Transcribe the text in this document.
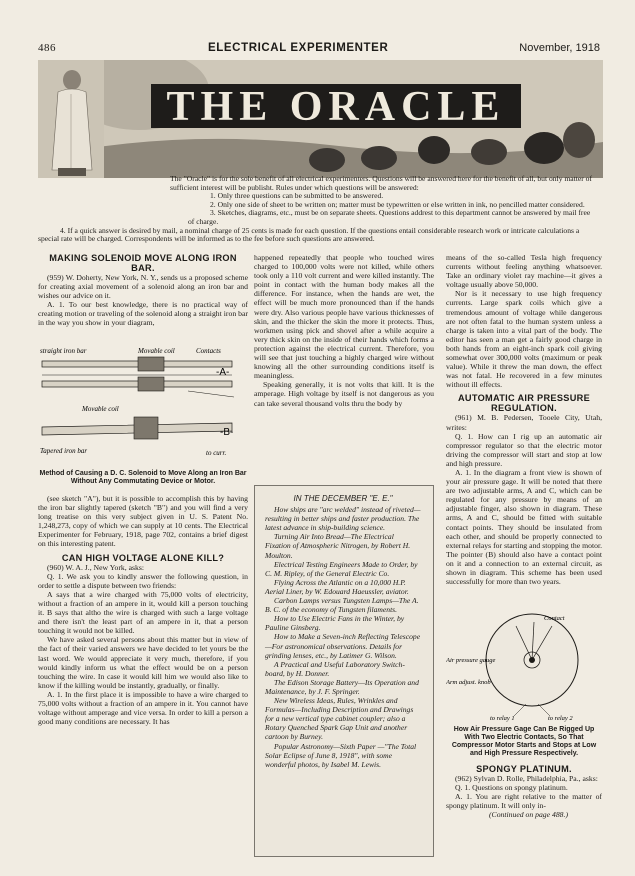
486	ELECTRICAL EXPERIMENTER	November, 1918
THE ORACLE

The "Oracle" is for the sole benefit of all electrical experimenters. Questions will be answered here for the benefit of all, but only matter of sufficient interest will be publisht. Rules under which questions will be answered:

1. Only three questions can be submitted to be answered.

2. Only one side of sheet to be written on; matter must be typewritten or else written in ink, no pencilled matter considered.

3. Sketches, diagrams, etc., must be on separate sheets. Questions addrest to this department cannot be answered by mail free of charge.

4. If a quick answer is desired by mail, a nominal charge of 25 cents is made for each question. If the questions entail considerable research work or intricate calculations a special rate will be charged. Correspondents will be informed as to the fee before such questions are answered.

MAKING SOLENOID MOVE ALONG IRON BAR.

(959) W. Doherty, New York, N. Y., sends us a proposed scheme for creating axial movement of a solenoid along an iron bar and wishes our advice on it.

A. 1. To our best knowledge, there is no practical way of creating motion or traveling of the solenoid along a straight iron bar in the way you show in your diagram,

straight iron bar	Movable coil	Contacts
-A-
Movable coil
-B-
Tapered iron bar	to curr.
Method of Causing a D. C. Solenoid to Move Along an Iron Bar Without Any Commutating Device or Motor.

(see sketch "A"), but it is possible to accomplish this by having the iron bar slightly tapered (sketch "B") and you will find a very long treatise on this very subject given in U. S. Patent No. 1,248,273, copy of which we can supply at 10 cents. The Electrical Experimenter for February, 1918, page 702, contains a brief digest on this interesting patent.

CAN HIGH VOLTAGE ALONE KILL?

(960) W. A. J., New York, asks:

Q. 1. We ask you to kindly answer the following question, in order to settle a dispute between two friends:

A says that a wire charged with 75,000 volts of electricity, without a fraction of an ampere in it, would kill a person touching it. B says that altho the wire is charged with such a large voltage and there isn't the least part of an ampere in it, that a person touching it would not be killed.

We have asked several persons about this matter but in view of the fact of their varied answers we have decided to let yours be the last word. We would appreciate it very much, therefore, if you would kindly inform us what the effect would be on a person touching the wire. In case it would kill him we would also like to know if the killing would be instantly, gradually, or finally.

A. 1. In the first place it is impossible to have a wire charged to 75,000 volts without a fraction of an ampere in it. You cannot have voltage without amperage and vice versa. In order to kill a person a good many conditions are necessary. It has

happened repeatedly that people who touched wires charged to 100,000 volts were not killed, while others took only a 110 volt current and were killed instantly. The point in contact with the human body makes all the difference. For instance, when the hands are wet, the effect will be much more pronounced than if the hands were dry. Also various people have various thicknesses of skin, and the thicker the skin the more it protects. Thus, workmen using pick and shovel after a while acquire a very thick skin on the inside of their hands which forms a protection against the electrical current. Therefore, you will see that just touching a highly charged wire without knowing all the other surrounding conditions itself is meaningless.

Speaking generally, it is not volts that kill. It is the amperage. High voltage by itself is not dangerous as you can take several thousand volts thru the body by

IN THE DECEMBER "E. E."

How ships are "arc welded" instead of riveted—resulting in better ships and faster production. The latest advance in ship-building science.

Turning Air Into Bread—The Electrical Fixation of Atmospheric Nitrogen, by Robert H. Moulton.

Electrical Testing Engineers Made to Order, by C. M. Ripley, of the General Electric Co.

Flying Across the Atlantic on a 10,000 H.P. Aerial Liner, by W. Edouard Haeussler, aviator.

Carbon Lamps versus Tungsten Lamps—The A. B. C. of the economy of Tungsten filaments.

How to Use Electric Fans in the Winter, by Pauline Ginsberg.

How to Make a Seven-inch Reflecting Telescope—For astronomical observations. Details for grinding lenses, etc., by Latimer G. Wilson.

A Practical and Useful Laboratory Switch-board, by H. Donner.

The Edison Storage Battery—Its Operation and Maintenance, by J. F. Springer.

New Wireless Ideas, Rules, Wrinkles and Formulas—Including Description and Drawings for a new vertical type cabinet coupler; also a Rotary Quenched Spark Gap Unit and another cartoon by Burney.

Popular Astronomy—Sixth Paper —"The Total Solar Eclipse of June 8, 1918", with some wonderful photos, by Isabel M. Lewis.

means of the so-called Tesla high frequency currents without feeling anything whatsoever. Take an ordinary violet ray machine—it gives a voltage usually above 50,000.

Nor is it necessary to use high frequency currents. Large spark coils which give a tremendous amount of voltage while dangerous are not often fatal to the human system unless a charge is taken into a vital part of the body. The editor has seen a man get a fairly good charge in both hands from an eight-inch spark coil giving somewhat over 300,000 volts (maximum or peak value). While it threw the man down, the effect was not fatal. He recovered in a few minutes without ill effects.

AUTOMATIC AIR PRESSURE REGULATION.

(961) M. B. Pedersen, Tooele City, Utah, writes:

Q. 1. How can I rig up an automatic air compressor regulator so that the electric motor driving the compressor will start and stop at low and high pressure.

A. 1. In the diagram a front view is shown of your air pressure gage. It will be noted that there are two adjustable arms, A and C, which can be regulated for any pressure by means of an adjustable finger, also shown in diagram. These arms, A and C, should be fitted with suitable contact points. They should be insulated from each other, and should be properly connected to external relays for starting and stopping the motor. The pointer (B) should also have a contact point on it and a connection to an external circuit, as shown in diagram. This scheme has been used successfully for more than two years.

Contact
Air pressure gauge
Arm adjust. knob
to relay 1	to relay 2
How Air Pressure Gage Can Be Rigged Up With Two Electric Contacts, So That Compressor Motor Starts and Stops at Low and High Pressure Respectively.
SPONGY PLATINUM.

(962) Sylvan D. Rolle, Philadelphia, Pa., asks:

Q. 1. Questions on spongy platinum.

A. 1. You are right relative to the matter of spongy platinum. It will only in-

(Continued on page 488.)
